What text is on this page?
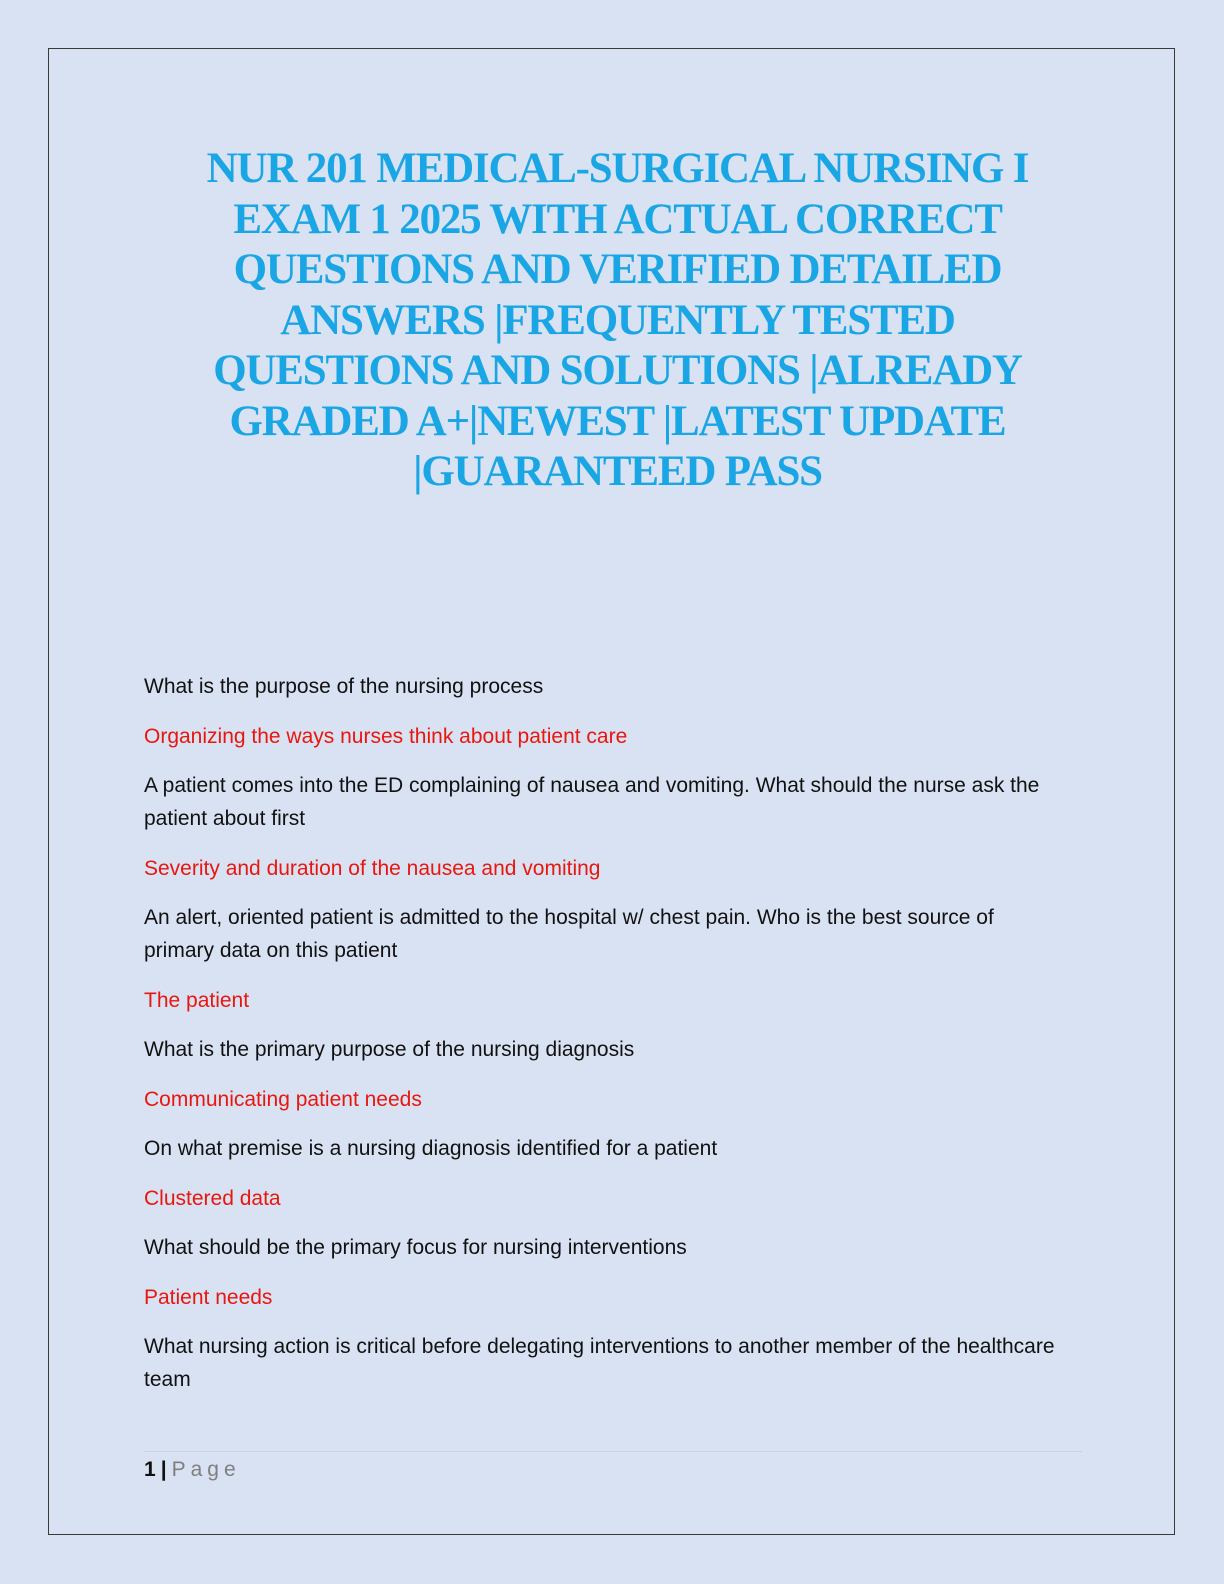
NUR 201 MEDICAL-SURGICAL NURSING I EXAM 1 2025 WITH ACTUAL CORRECT QUESTIONS AND VERIFIED DETAILED ANSWERS |FREQUENTLY TESTED QUESTIONS AND SOLUTIONS |ALREADY GRADED A+|NEWEST |LATEST UPDATE |GUARANTEED PASS

What is the purpose of the nursing process

Organizing the ways nurses think about patient care

A patient comes into the ED complaining of nausea and vomiting. What should the nurse ask the patient about first

Severity and duration of the nausea and vomiting

An alert, oriented patient is admitted to the hospital w/ chest pain. Who is the best source of primary data on this patient

The patient

What is the primary purpose of the nursing diagnosis

Communicating patient needs

On what premise is a nursing diagnosis identified for a patient

Clustered data

What should be the primary focus for nursing interventions

Patient needs

What nursing action is critical before delegating interventions to another member of the healthcare team

1 | Page
